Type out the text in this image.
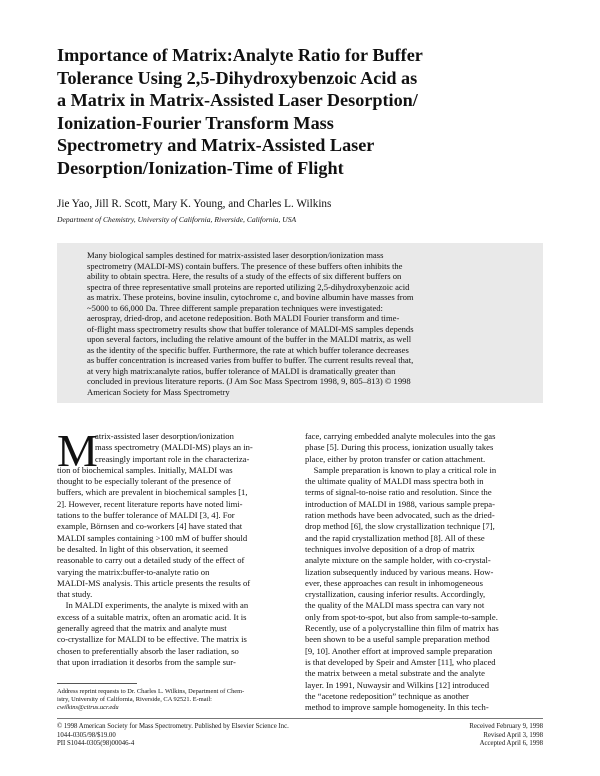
Importance of Matrix:Analyte Ratio for Buffer
Tolerance Using 2,5-Dihydroxybenzoic Acid as
a Matrix in Matrix-Assisted Laser Desorption/
Ionization-Fourier Transform Mass
Spectrometry and Matrix-Assisted Laser
Desorption/Ionization-Time of Flight
Jie Yao, Jill R. Scott, Mary K. Young, and Charles L. Wilkins
Department of Chemistry, University of California, Riverside, California, USA
Many biological samples destined for matrix-assisted laser desorption/ionization mass
spectrometry (MALDI-MS) contain buffers. The presence of these buffers often inhibits the
ability to obtain spectra. Here, the results of a study of the effects of six different buffers on
spectra of three representative small proteins are reported utilizing 2,5-dihydroxybenzoic acid
as matrix. These proteins, bovine insulin, cytochrome c, and bovine albumin have masses from
~5000 to 66,000 Da. Three different sample preparation techniques were investigated:
aerospray, dried-drop, and acetone redeposition. Both MALDI Fourier transform and time-
of-flight mass spectrometry results show that buffer tolerance of MALDI-MS samples depends
upon several factors, including the relative amount of the buffer in the MALDI matrix, as well
as the identity of the specific buffer. Furthermore, the rate at which buffer tolerance decreases
as buffer concentration is increased varies from buffer to buffer. The current results reveal that,
at very high matrix:analyte ratios, buffer tolerance of MALDI is dramatically greater than
concluded in previous literature reports. (J Am Soc Mass Spectrom 1998, 9, 805–813) © 1998
American Society for Mass Spectrometry
M
atrix-assisted laser desorption/ionization
mass spectrometry (MALDI-MS) plays an in-
creasingly important role in the characteriza-
tion of biochemical samples. Initially, MALDI was
thought to be especially tolerant of the presence of
buffers, which are prevalent in biochemical samples [1,
2]. However, recent literature reports have noted limi-
tations to the buffer tolerance of MALDI [3, 4]. For
example, Börnsen and co-workers [4] have stated that
MALDI samples containing >100 mM of buffer should
be desalted. In light of this observation, it seemed
reasonable to carry out a detailed study of the effect of
varying the matrix:buffer-to-analyte ratio on
MALDI-MS analysis. This article presents the results of
that study.
In MALDI experiments, the analyte is mixed with an
excess of a suitable matrix, often an aromatic acid. It is
generally agreed that the matrix and analyte must
co-crystallize for MALDI to be effective. The matrix is
chosen to preferentially absorb the laser radiation, so
that upon irradiation it desorbs from the sample sur-
face, carrying embedded analyte molecules into the gas
phase [5]. During this process, ionization usually takes
place, either by proton transfer or cation attachment.
Sample preparation is known to play a critical role in
the ultimate quality of MALDI mass spectra both in
terms of signal-to-noise ratio and resolution. Since the
introduction of MALDI in 1988, various sample prepa-
ration methods have been advocated, such as the dried-
drop method [6], the slow crystallization technique [7],
and the rapid crystallization method [8]. All of these
techniques involve deposition of a drop of matrix
analyte mixture on the sample holder, with co-crystal-
lization subsequently induced by various means. How-
ever, these approaches can result in inhomogeneous
crystallization, causing inferior results. Accordingly,
the quality of the MALDI mass spectra can vary not
only from spot-to-spot, but also from sample-to-sample.
Recently, use of a polycrystalline thin film of matrix has
been shown to be a useful sample preparation method
[9, 10]. Another effort at improved sample preparation
is that developed by Speir and Amster [11], who placed
the matrix between a metal substrate and the analyte
layer. In 1991, Nuwaysir and Wilkins [12] introduced
the “acetone redeposition” technique as another
method to improve sample homogeneity. In this tech-
Address reprint requests to Dr. Charles L. Wilkins, Department of Chem-
istry, University of California, Riverside, CA 92521. E-mail:
cwilkins@citrus.ucr.edu
© 1998 American Society for Mass Spectrometry. Published by Elsevier Science Inc.
1044-0305/98/$19.00
PII S1044-0305(98)00046-4
Received February 9, 1998
Revised April 3, 1998
Accepted April 6, 1998
